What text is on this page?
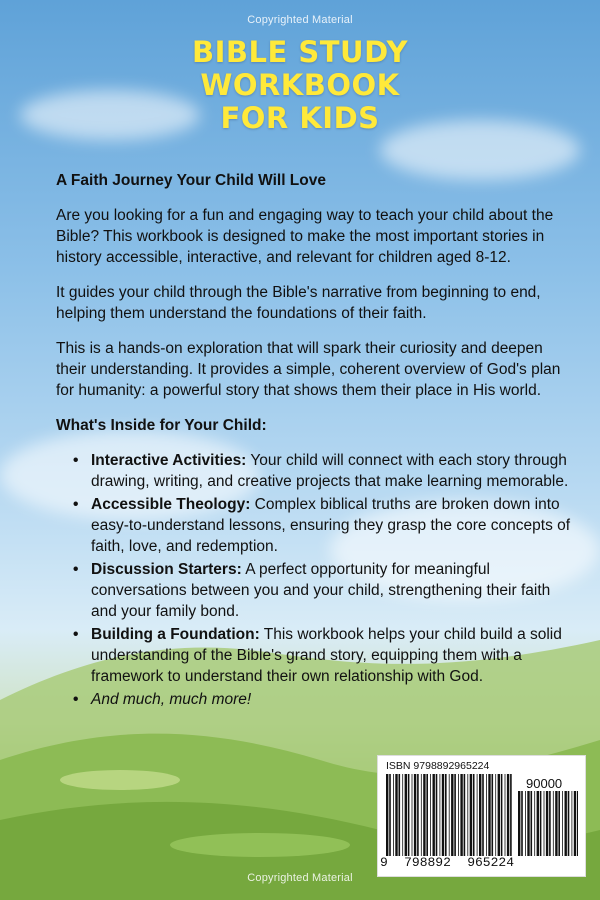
Copyrighted Material
BIBLE STUDY
WORKBOOK
FOR KIDS

A Faith Journey Your Child Will Love

Are you looking for a fun and engaging way to teach your child about the Bible? This workbook is designed to make the most important stories in history accessible, interactive, and relevant for children aged 8-12.

It guides your child through the Bible's narrative from beginning to end, helping them understand the foundations of their faith.

This is a hands-on exploration that will spark their curiosity and deepen their understanding. It provides a simple, coherent overview of God's plan for humanity: a powerful story that shows them their place in His world.

What's Inside for Your Child:

• Interactive Activities: Your child will connect with each story through drawing, writing, and creative projects that make learning memorable.
• Accessible Theology: Complex biblical truths are broken down into easy-to-understand lessons, ensuring they grasp the core concepts of faith, love, and redemption.
• Discussion Starters: A perfect opportunity for meaningful conversations between you and your child, strengthening their faith and your family bond.
• Building a Foundation: This workbook helps your child build a solid understanding of the Bible's grand story, equipping them with a framework to understand their own relationship with God.
• And much, much more!
ISBN 9798892965224
90000
9 798892 965224
Copyrighted Material
